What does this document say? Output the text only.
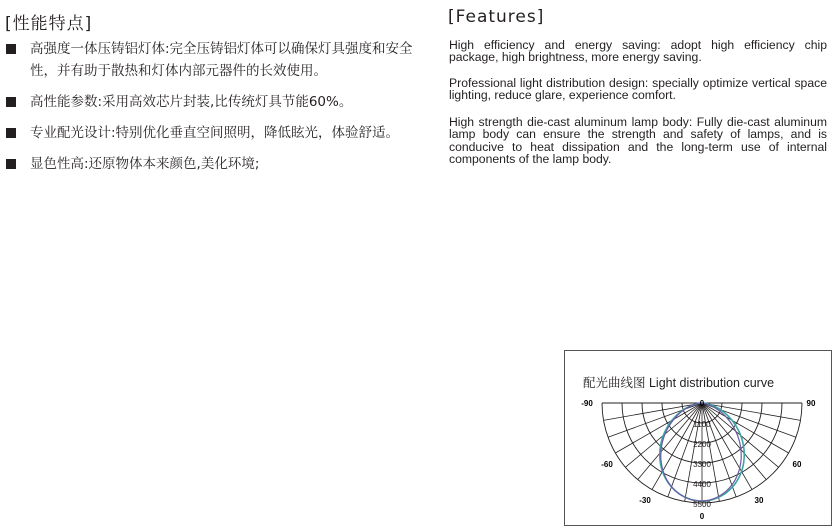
[性能特点]
高强度一体压铸铝灯体:完全压铸铝灯体可以确保灯具强度和安全性，并有助于散热和灯体内部元器件的长效使用。
高性能参数:采用高效芯片封装,比传统灯具节能60%。
专业配光设计:特别优化垂直空间照明，降低眩光，体验舒适。
显色性高:还原物体本来颜色,美化环境;
[Features]

High efficiency and energy saving: adopt high efficiency chip package, high brightness, more energy saving.

Professional light distribution design: specially optimize vertical space lighting, reduce glare, experience comfort.

High strength die-cast aluminum lamp body: Fully die-cast aluminum lamp body can ensure the strength and safety of lamps, and is conducive to heat dissipation and the long-term use of internal components of the lamp body.

配光曲线图 Light distribution curve
-90	90
-60	60
-30	30
0
0
1100
2200
3300
4400
5500
